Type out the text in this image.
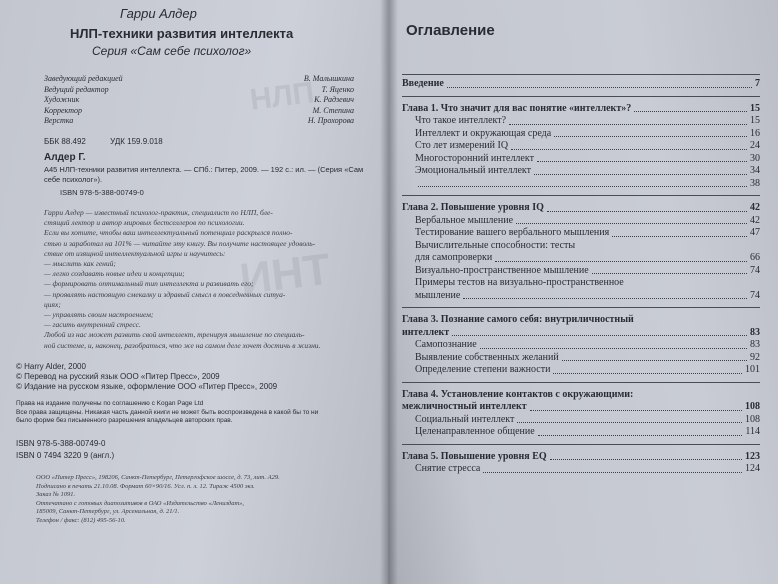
НЛП
ИНТ
Гарри Алдер
НЛП-техники развития интеллекта
Серия «Сам себе психолог»
Заведующий редакцией	В. Малышкина
Ведущий редактор	Т. Яценко
Художник	К. Радзевич
Корректор	М. Степина
Верстка	Н. Прохорова
ББК 88.492	УДК 159.9.018
Алдер Г.
А45 НЛП-техники развития интеллекта. — СПб.: Питер, 2009. — 192 с.: ил. — (Серия «Сам себе психолог»).
ISBN 978-5-388-00749-0

Гарри Алдер — известный психолог-практик, специалист по НЛП, бле-

стящий лектор и автор мировых бестселлеров по психологии.

Если вы хотите, чтобы ваш интеллектуальный потенциал раскрылся полно-

стью и заработал на 101% — читайте эту книгу. Вы получите настоящее удоволь-

ствие от изящной интеллектуальной игры и научитесь:

— мыслить как гений;

— легко создавать новые идеи и концепции;

— формировать оптимальный тип интеллекта и развивать его;

— проявлять настоящую смекалку и здравый смысл в повседневных ситуа-

циях;

— управлять своим настроением;

— гасить внутренний стресс.

Любой из нас может развить свой интеллект, тренируя мышление по специаль-

ной системе, и, наконец, разобраться, что же на самом деле хочет достичь в жизни.

© Harry Alder, 2000
© Перевод на русский язык ООО «Питер Пресс», 2009
© Издание на русском языке, оформление ООО «Питер Пресс», 2009
Права на издание получены по соглашению с Kogan Page Ltd
Все права защищены. Никакая часть данной книги не может быть воспроизведена в какой бы то ни
было форме без письменного разрешения владельцев авторских прав.
ISBN 978-5-388-00749-0
ISBN 0 7494 3220 9 (англ.)
ООО «Питер Пресс», 198206, Санкт-Петербург, Петергофское шоссе, д. 73, лит. А29.
Подписано в печать 21.10.08. Формат 60×90/16. Усл. п. л. 12. Тираж 4500 экз.
Заказ № 1091.
Отпечатано с готовых диапозитивов в ОАО «Издательство «Лениздат»,
185009, Санкт-Петербург, ул. Арсенальная, д. 21/1.
Телефон / факс: (812) 495-56-10.
Оглавление
Введение	7
Глава 1. Что значит для вас понятие «интеллект»?	15
Что такое интеллект?	15
Интеллект и окружающая среда	16
Сто лет измерений IQ	24
Многосторонний интеллект	30
Эмоциональный интеллект	34
38
Глава 2. Повышение уровня IQ	42
Вербальное мышление	42
Тестирование вашего вербального мышления	47
Вычислительные способности: тесты
для самопроверки	66
Визуально-пространственное мышление	74
Примеры тестов на визуально-пространственное
мышление	74
Глава 3. Познание самого себя: внутриличностный
интеллект	83
Самопознание	83
Выявление собственных желаний	92
Определение степени важности	101
Глава 4. Установление контактов с окружающими:
межличностный интеллект	108
Социальный интеллект	108
Целенаправленное общение	114
Глава 5. Повышение уровня EQ	123
Снятие стресса	124
